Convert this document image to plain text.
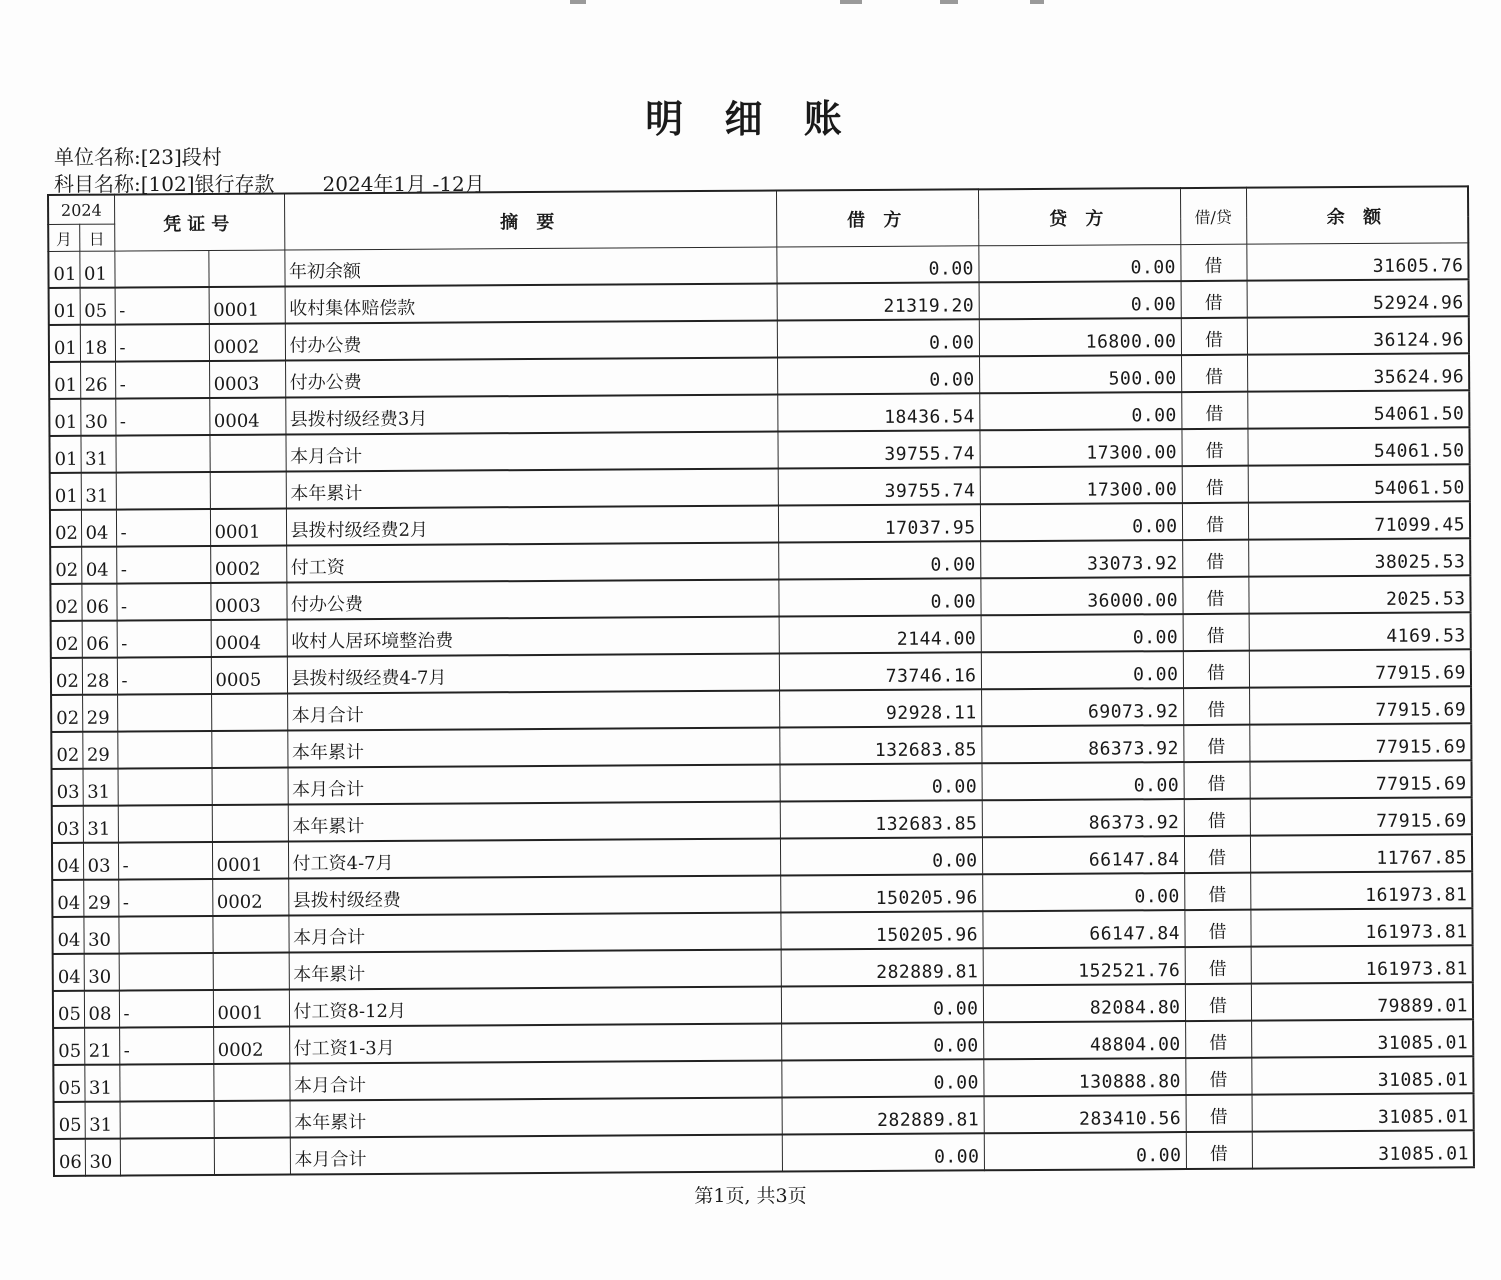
明 细 账
单位名称:[23]段村
科目名称:[102]银行存款 2024年1月 -12月
2024		凭证号		摘 要	借 方	贷 方	借/贷	余 额
月	日							
01	01			年初余额	0.00	0.00	借	31605.76
01	05	-	0001	收村集体赔偿款	21319.20	0.00	借	52924.96
01	18	-	0002	付办公费	0.00	16800.00	借	36124.96
01	26	-	0003	付办公费	0.00	500.00	借	35624.96
01	30	-	0004	县拨村级经费3月	18436.54	0.00	借	54061.50
01	31			本月合计	39755.74	17300.00	借	54061.50
01	31			本年累计	39755.74	17300.00	借	54061.50
02	04	-	0001	县拨村级经费2月	17037.95	0.00	借	71099.45
02	04	-	0002	付工资	0.00	33073.92	借	38025.53
02	06	-	0003	付办公费	0.00	36000.00	借	2025.53
02	06	-	0004	收村人居环境整治费	2144.00	0.00	借	4169.53
02	28	-	0005	县拨村级经费4-7月	73746.16	0.00	借	77915.69
02	29			本月合计	92928.11	69073.92	借	77915.69
02	29			本年累计	132683.85	86373.92	借	77915.69
03	31			本月合计	0.00	0.00	借	77915.69
03	31			本年累计	132683.85	86373.92	借	77915.69
04	03	-	0001	付工资4-7月	0.00	66147.84	借	11767.85
04	29	-	0002	县拨村级经费	150205.96	0.00	借	161973.81
04	30			本月合计	150205.96	66147.84	借	161973.81
04	30			本年累计	282889.81	152521.76	借	161973.81
05	08	-	0001	付工资8-12月	0.00	82084.80	借	79889.01
05	21	-	0002	付工资1-3月	0.00	48804.00	借	31085.01
05	31			本月合计	0.00	130888.80	借	31085.01
05	31			本年累计	282889.81	283410.56	借	31085.01
06	30			本月合计	0.00	0.00	借	31085.01
第1页, 共3页
